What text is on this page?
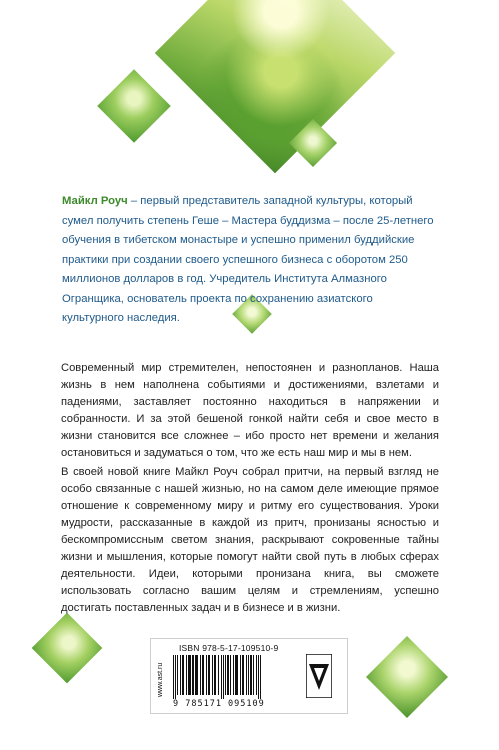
Майкл Роуч – первый представитель западной культуры, который сумел получить степень Геше – Мастера буддизма – после 25-летнего обучения в тибетском монастыре и успешно применил буддийские практики при создании своего успешного бизнеса с оборотом 250 миллионов долларов в год. Учредитель Института Алмазного Огранщика, основатель проекта по сохранению азиатского культурного наследия.

Современный мир стремителен, непостоянен и разнопланов. Наша жизнь в нем наполнена событиями и достижениями, взлетами и падениями, заставляет постоянно находиться в напряжении и собранности. И за этой бешеной гонкой найти себя и свое место в жизни становится все сложнее – ибо просто нет времени и желания остановиться и задуматься о том, что же есть наш мир и мы в нем.

В своей новой книге Майкл Роуч собрал притчи, на первый взгляд не особо связанные с нашей жизнью, но на самом деле имеющие прямое отношение к современному миру и ритму его существования. Уроки мудрости, рассказанные в каждой из притч, пронизаны ясностью и бескомпромиссным светом знания, раскрывают сокровенные тайны жизни и мышления, которые помогут найти свой путь в любых сферах деятельности. Идеи, которыми пронизана книга, вы сможете использовать согласно вашим целям и стремлениям, успешно достигать поставленных задач и в бизнесе и в жизни.

ISBN 978-5-17-109510-9
www.ast.ru
9 785171 095109
